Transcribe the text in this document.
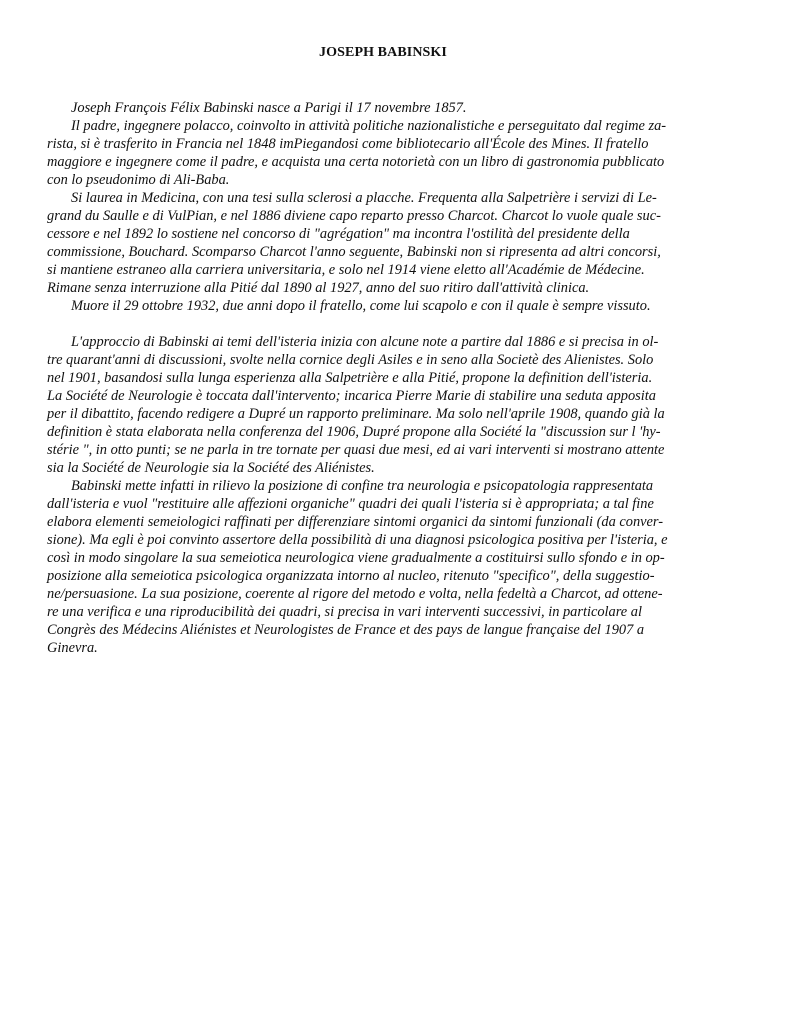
JOSEPH BABINSKI
Joseph François Félix Babinski nasce a Parigi il 17 novembre 1857.
Il padre, ingegnere polacco, coinvolto in attività politiche nazionalistiche e perseguitato dal regime za-
rista, si è trasferito in Francia nel 1848 imPiegandosi come bibliotecario all'École des Mines. Il fratello
maggiore e ingegnere come il padre, e acquista una certa notorietà con un libro di gastronomia pubblicato
con lo pseudonimo di Ali-Baba.
Si laurea in Medicina, con una tesi sulla sclerosi a placche. Frequenta alla Salpetrière i servizi di Le-
grand du Saulle e di VulPian, e nel 1886 diviene capo reparto presso Charcot. Charcot lo vuole quale suc-
cessore e nel 1892 lo sostiene nel concorso di "agrégation" ma incontra l'ostilità del presidente della
commissione, Bouchard. Scomparso Charcot l'anno seguente, Babinski non si ripresenta ad altri concorsi,
si mantiene estraneo alla carriera universitaria, e solo nel 1914 viene eletto all'Académie de Médecine.
Rimane senza interruzione alla Pitié dal 1890 al 1927, anno del suo ritiro dall'attività clinica.
Muore il 29 ottobre 1932, due anni dopo il fratello, come lui scapolo e con il quale è sempre vissuto.
L'approccio di Babinski ai temi dell'isteria inizia con alcune note a partire dal 1886 e si precisa in ol-
tre quarant'anni di discussioni, svolte nella cornice degli Asiles e in seno alla Societè des Alienistes. Solo
nel 1901, basandosi sulla lunga esperienza alla Salpetrière e alla Pitié, propone la definition dell'isteria.
La Société de Neurologie è toccata dall'intervento; incarica Pierre Marie di stabilire una seduta apposita
per il dibattito, facendo redigere a Dupré un rapporto preliminare. Ma solo nell'aprile 1908, quando già la
definition è stata elaborata nella conferenza del 1906, Dupré propone alla Société la "discussion sur l 'hy-
stérie ", in otto punti; se ne parla in tre tornate per quasi due mesi, ed ai vari interventi si mostrano attente
sia la Société de Neurologie sia la Société des Aliénistes.
Babinski mette infatti in rilievo la posizione di confine tra neurologia e psicopatologia rappresentata
dall'isteria e vuol "restituire alle affezioni organiche" quadri dei quali l'isteria si è appropriata; a tal fine
elabora elementi semeiologici raffinati per differenziare sintomi organici da sintomi funzionali (da conver-
sione). Ma egli è poi convinto assertore della possibilità di una diagnosi psicologica positiva per l'isteria, e
così in modo singolare la sua semeiotica neurologica viene gradualmente a costituirsi sullo sfondo e in op-
posizione alla semeiotica psicologica organizzata intorno al nucleo, ritenuto "specifico", della suggestio-
ne/persuasione. La sua posizione, coerente al rigore del metodo e volta, nella fedeltà a Charcot, ad ottene-
re una verifica e una riproducibilità dei quadri, si precisa in vari interventi successivi, in particolare al
Congrès des Médecins Aliénistes et Neurologistes de France et des pays de langue française del 1907 a
Ginevra.
